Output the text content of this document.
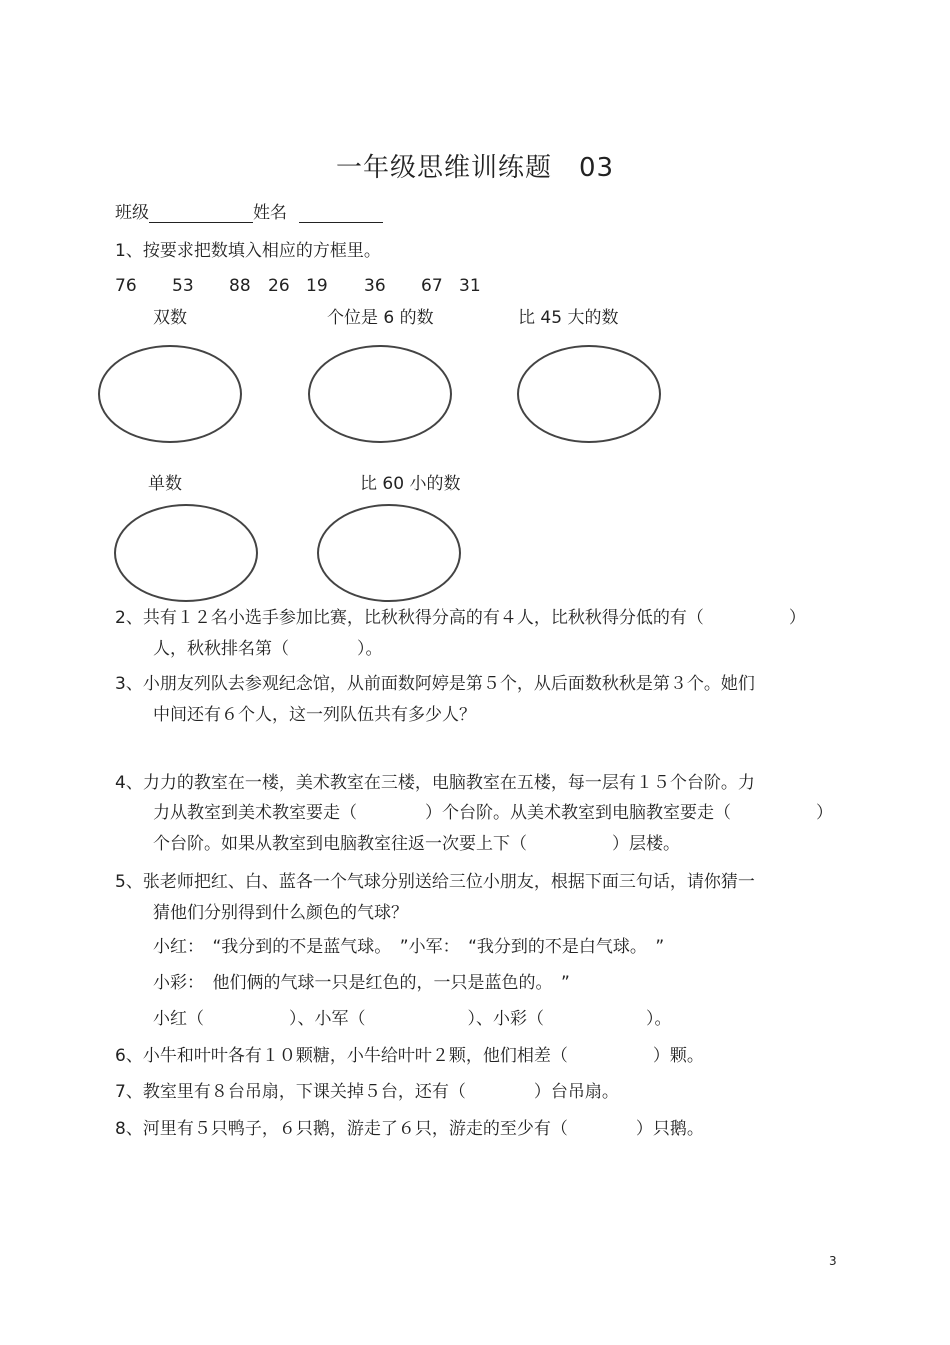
一年级思维训练题　03
班级	姓名
1、按要求把数填入相应的方框里。
76 53 88 26 19 36 67 31
双数	个位是 6 的数	比 45 大的数
单数	比 60 小的数
2、共有１２名小选手参加比赛，比秋秋得分高的有４人，比秋秋得分低的有（　　　　　）
人，秋秋排名第（　　　　）。
3、小朋友列队去参观纪念馆，从前面数阿婷是第５个，从后面数秋秋是第３个。她们
中间还有６个人，这一列队伍共有多少人？
4、力力的教室在一楼，美术教室在三楼，电脑教室在五楼，每一层有１５个台阶。力
力从教室到美术教室要走（　　　　）个台阶。从美术教室到电脑教室要走（　　　　　）
个台阶。如果从教室到电脑教室往返一次要上下（　　　　　）层楼。
5、张老师把红、白、蓝各一个气球分别送给三位小朋友，根据下面三句话，请你猜一
猜他们分别得到什么颜色的气球？
小红：　“我分到的不是蓝气球。　”小军：　“我分到的不是白气球。　”
小彩：　他们俩的气球一只是红色的，一只是蓝色的。　”
小红（　　　　　）、小军（　　　　　　）、小彩（　　　　　　）。
6、小牛和叶叶各有１０颗糖，小牛给叶叶２颗，他们相差（　　　　　）颗。
7、教室里有８台吊扇，下课关掉５台，还有（　　　　）台吊扇。
8、河里有５只鸭子，６只鹅，游走了６只，游走的至少有（　　　　）只鹅。
3
